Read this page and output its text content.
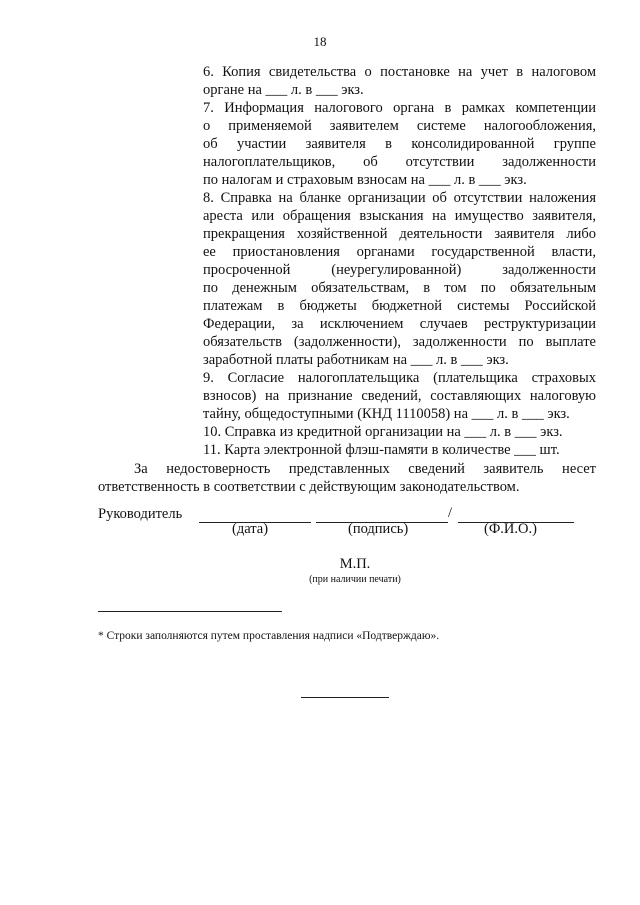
18

6. Копия свидетельства о постановке на учет в налоговом

органе на ___ л. в ___ экз.

7. Информация налогового органа в рамках компетенции

о применяемой заявителем системе налогообложения,

об участии заявителя в консолидированной группе

налогоплательщиков, об отсутствии задолженности

по налогам и страховым взносам на ___ л. в ___ экз.

8. Справка на бланке организации об отсутствии наложения

ареста или обращения взыскания на имущество заявителя,

прекращения хозяйственной деятельности заявителя либо

ее приостановления органами государственной власти,

просроченной (неурегулированной) задолженности

по денежным обязательствам, в том по обязательным

платежам в бюджеты бюджетной системы Российской

Федерации, за исключением случаев реструктуризации

обязательств (задолженности), задолженности по выплате

заработной платы работникам на ___ л. в ___ экз.

9. Согласие налогоплательщика (плательщика страховых

взносов) на признание сведений, составляющих налоговую

тайну, общедоступными (КНД 1110058) на ___ л. в ___ экз.

10. Справка из кредитной организации на ___ л. в ___ экз.

11. Карта электронной флэш-памяти в количестве ___ шт.

За недостоверность представленных сведений заявитель несет ответственность в соответствии с действующим законодательством.

Руководитель	/
(дата)	(подпись)	(Ф.И.О.)
М.П.
(при наличии печати)
* Строки заполняются путем проставления надписи «Подтверждаю».
